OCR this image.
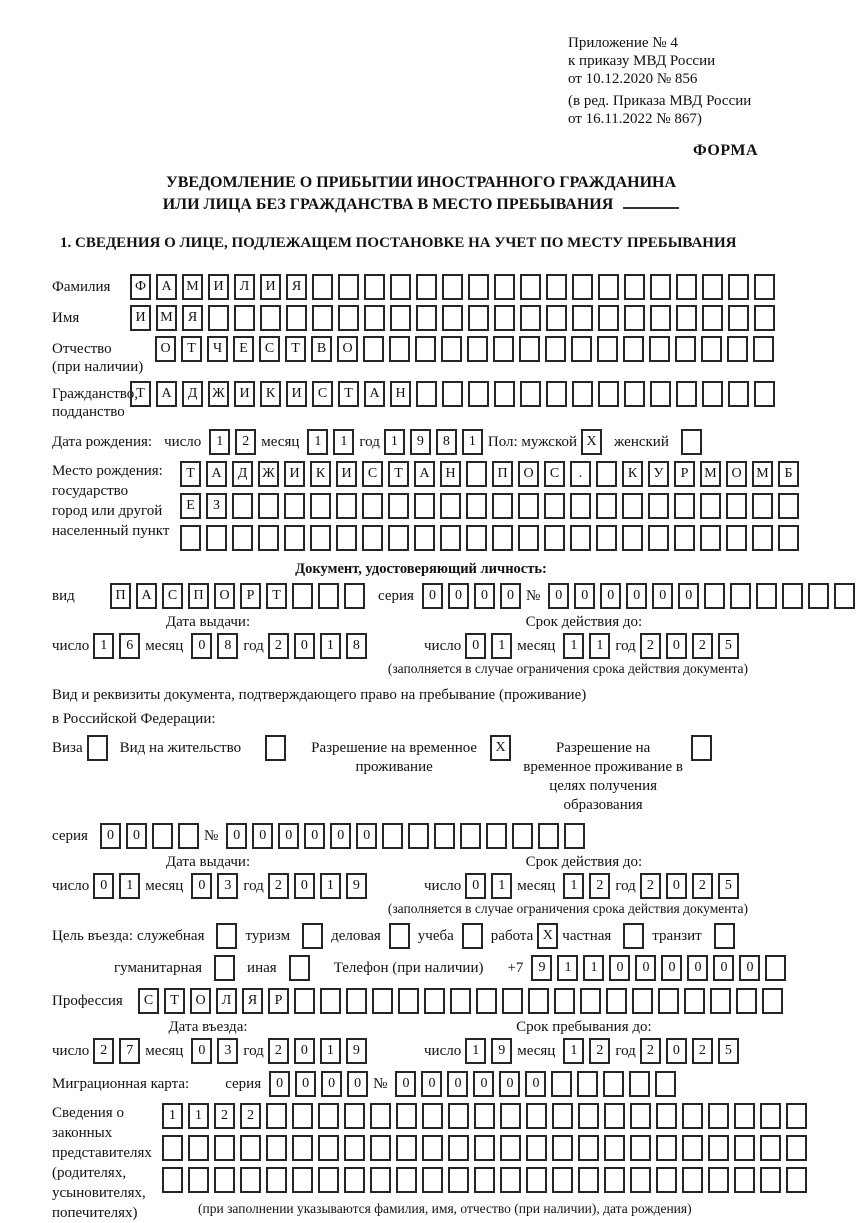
Приложение № 4
к приказу МВД России
от 10.12.2020 № 856
(в ред. Приказа МВД России
от 16.11.2022 № 867)
ФОРМА
УВЕДОМЛЕНИЕ О ПРИБЫТИИ ИНОСТРАННОГО ГРАЖДАНИНА
ИЛИ ЛИЦА БЕЗ ГРАЖДАНСТВА В МЕСТО ПРЕБЫВАНИЯ
1. СВЕДЕНИЯ О ЛИЦЕ, ПОДЛЕЖАЩЕМ ПОСТАНОВКЕ НА УЧЕТ ПО МЕСТУ ПРЕБЫВАНИЯ
Фамилия	Ф	А	М	И	Л	И	Я
Имя	И	М	Я
Отчество
(при наличии)
О	Т	Ч	Е	С	Т	В	О
Гражданство,
подданство
Т	А	Д	Ж	И	К	И	С	Т	А	Н
Дата рождения: число	1	2 месяц	1	1 год 1	9	8	1 Пол: мужской X	женский
Место рождения:
государство
город или другой
населенный пункт
Т	А	Д	Ж	И	К	И	С	Т	А	Н	П	О	С	.	К	У	Р	М	О	М	Б
Е	З
Документ, удостоверяющий личность:
вид	П	А	С	П	О	Р	Т	серия	0	0	0	0 №	0	0	0	0	0	0
Дата выдачи:
число 1	6 месяц	0	8 год 2	0	1	8
Срок действия до:
число 0	1 месяц	1	1 год 2	0	2	5
(заполняется в случае ограничения срока действия документа)
Вид и реквизиты документа, подтверждающего право на пребывание (проживание)
в Российской Федерации:
Виза Вид на жительство	Разрешение на временное проживание
X	Разрешение на временное проживание в целях получения образования
серия	0	0	№	0	0	0	0	0	0
Дата выдачи:
число 0	1 месяц	0	3 год 2	0	1	9
Срок действия до:
число 0	1 месяц	1	2 год 2	0	2	5
(заполняется в случае ограничения срока действия документа)
Цель въезда: служебная	туризм	деловая учеба работа X частная	транзит
гуманитарная	иная	Телефон (при наличии) +7	9	1	1	0	0	0	0	0	0
Профессия	С	Т	О	Л	Я	Р
Дата въезда:
число 2	7 месяц	0	3 год 2	0	1	9
Срок пребывания до:
число 1	9 месяц	1	2 год 2	0	2	5
Миграционная карта: серия	0	0	0	0 №	0	0	0	0	0	0
Сведения о
законных
представителях
(родителях,
усыновителях,
попечителях)
1	1	2	2
(при заполнении указываются фамилия, имя, отчество (при наличии), дата рождения)
